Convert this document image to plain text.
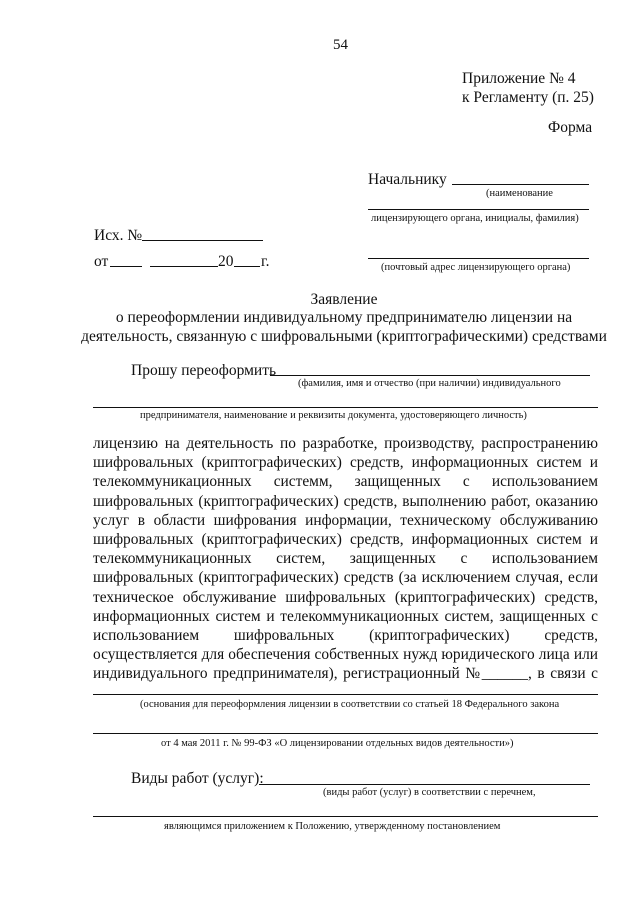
54
Приложение № 4
к Регламенту (п. 25)
Форма
Начальнику
(наименование
лицензирующего органа, инициалы, фамилия)
Исх. №
от	20 г.	(почтовый адрес лицензирующего органа)
Заявление
о переоформлении индивидуальному предпринимателю лицензии на
деятельность, связанную с шифровальными (криптографическими) средствами
Прошу переоформить
(фамилия, имя и отчество (при наличии) индивидуального
предпринимателя, наименование и реквизиты документа, удостоверяющего личность)
лицензию на деятельность по разработке, производству, распространению
шифровальных (криптографических) средств, информационных систем и
телекоммуникационных системм, защищенных с использованием
шифровальных (криптографических) средств, выполнению работ, оказанию
услуг в области шифрования информации, техническому обслуживанию
шифровальных (криптографических) средств, информационных систем и
телекоммуникационных систем, защищенных с использованием
шифровальных (криптографических) средств (за исключением случая, если
техническое обслуживание шифровальных (криптографических) средств,
информационных систем и телекоммуникационных систем, защищенных с
использованием шифровальных (криптографических) средств,
осуществляется для обеспечения собственных нужд юридического лица или
индивидуального предпринимателя), регистрационный №______, в связи с
(основания для переоформления лицензии в соответствии со статьей 18 Федерального закона
от 4 мая 2011 г. № 99-ФЗ «О лицензировании отдельных видов деятельности»)
Виды работ (услуг):
(виды работ (услуг) в соответствии с перечнем,
являющимся приложением к Положению, утвержденному постановлением
